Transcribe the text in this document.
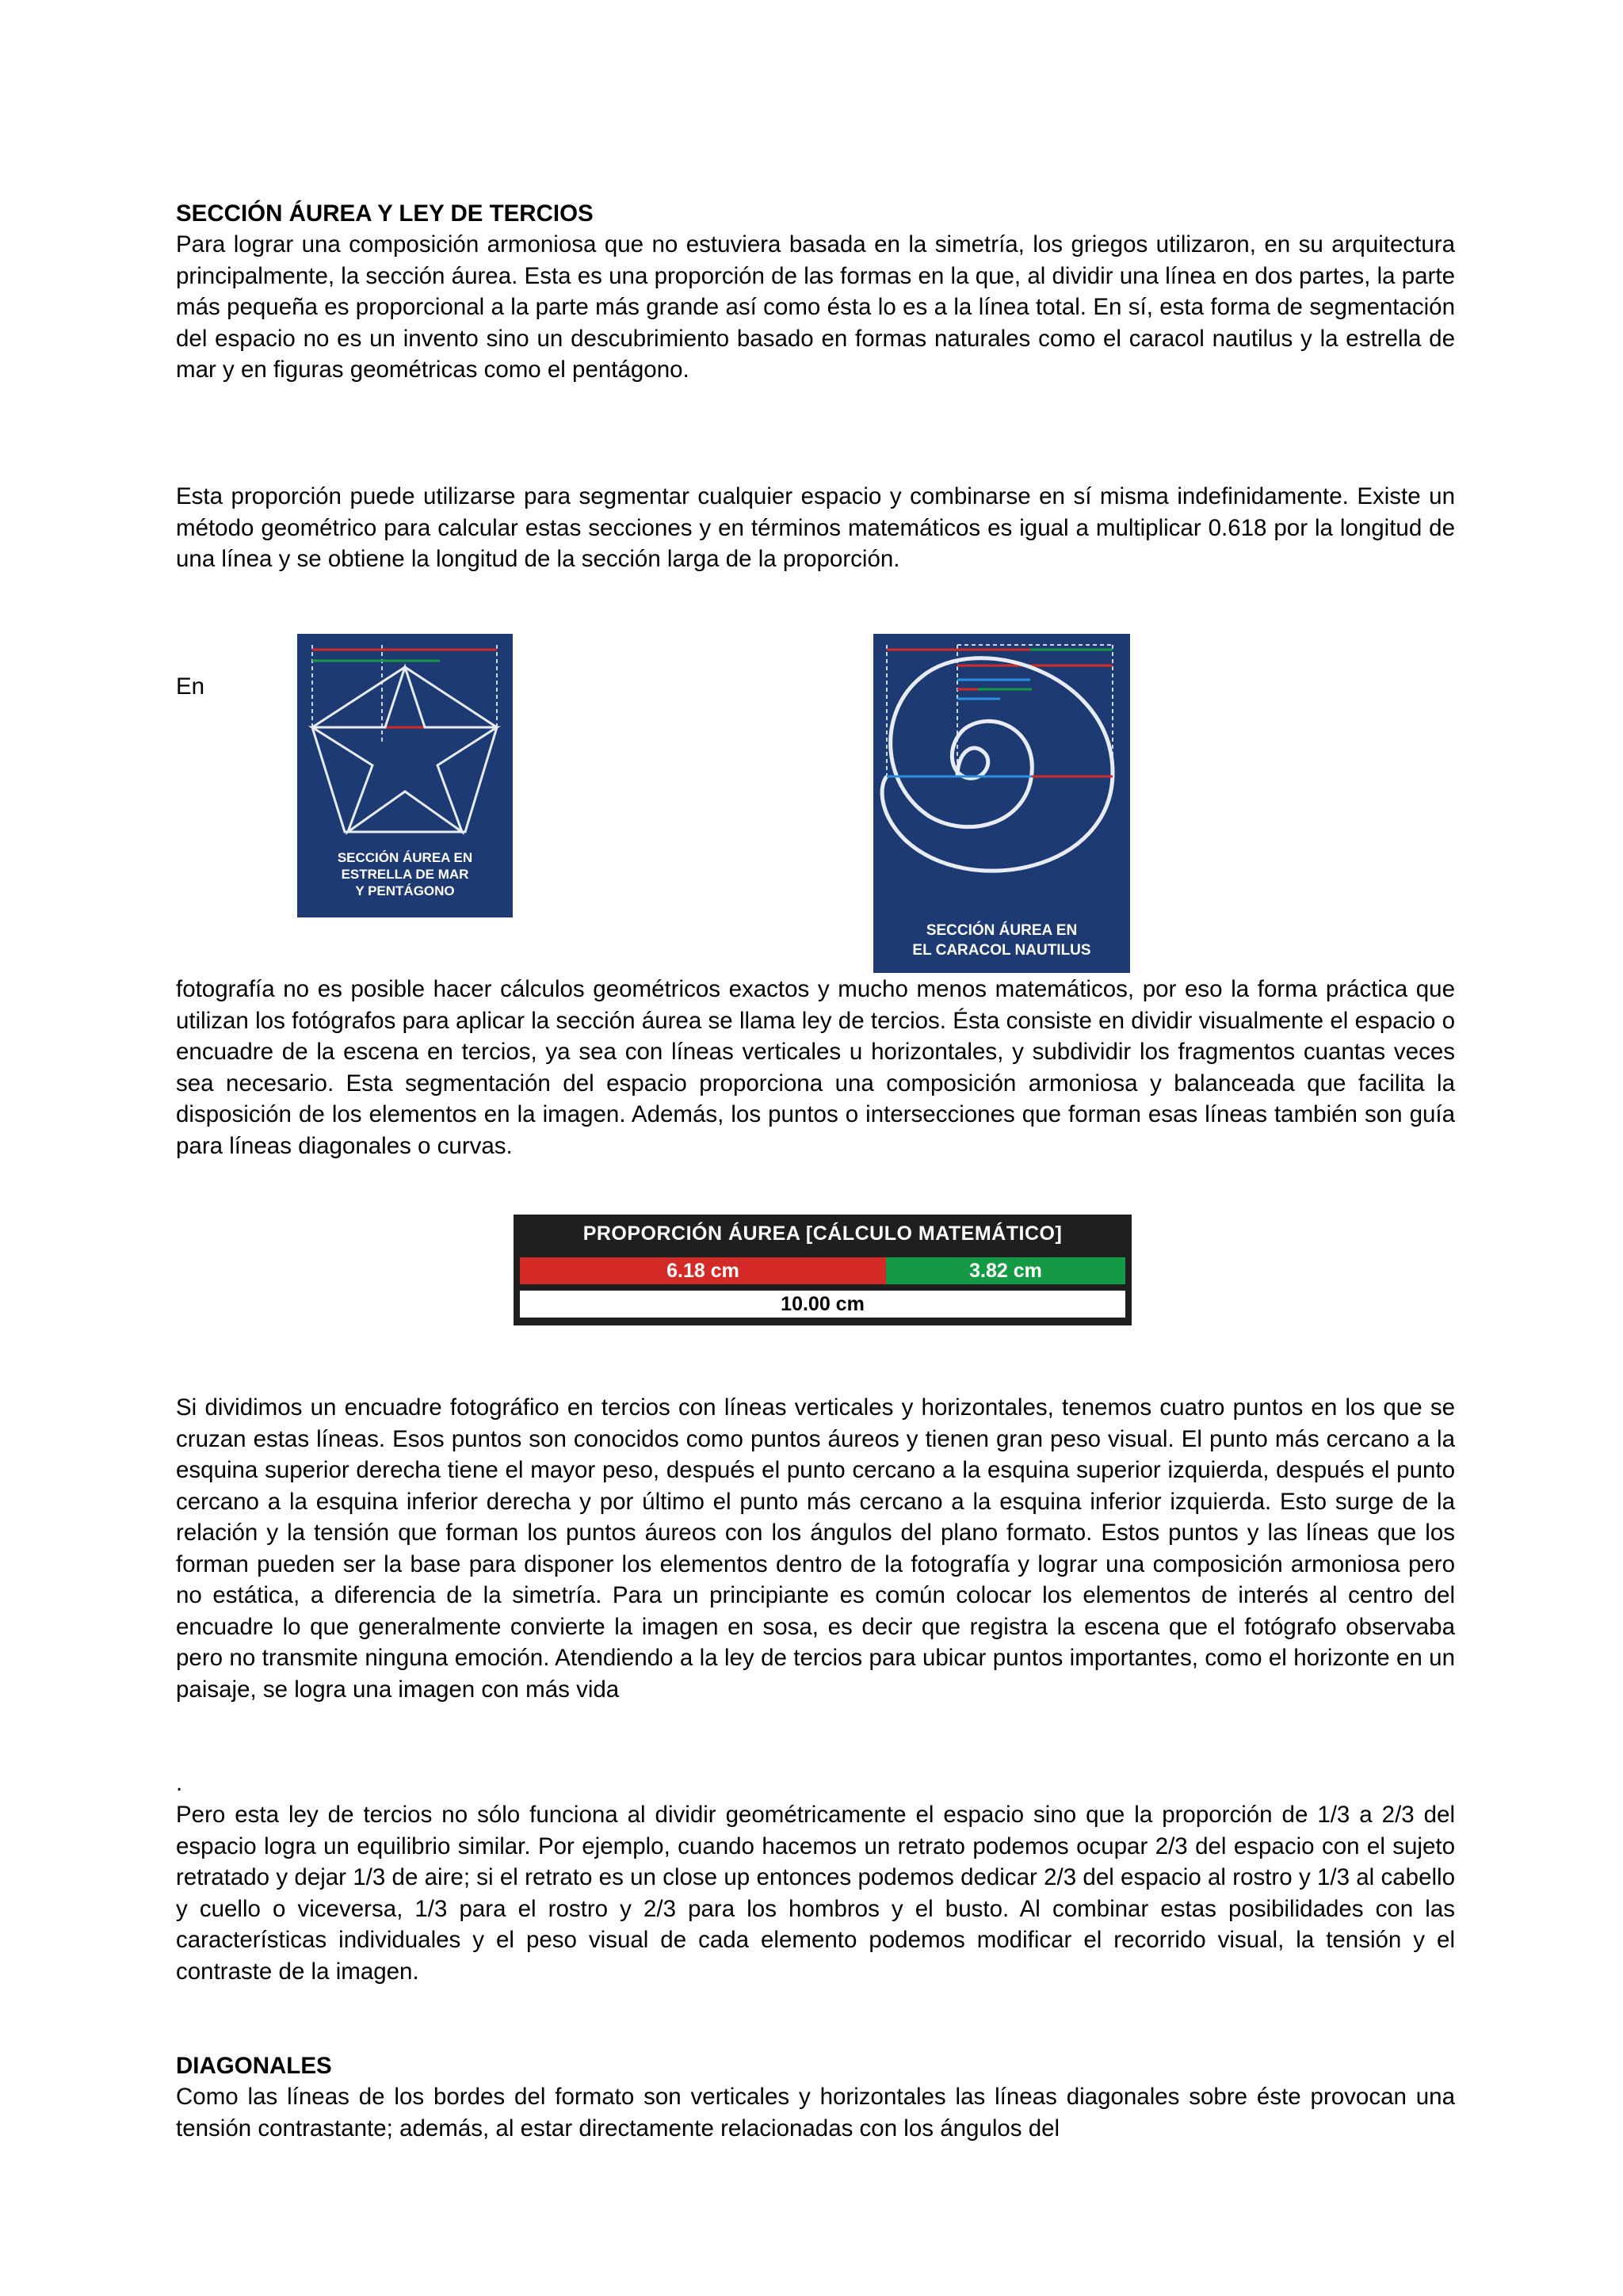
SECCIÓN ÁUREA Y LEY DE TERCIOS

Para lograr una composición armoniosa que no estuviera basada en la simetría, los griegos utilizaron, en su arquitectura principalmente, la sección áurea. Esta es una proporción de las formas en la que, al dividir una línea en dos partes, la parte más pequeña es proporcional a la parte más grande así como ésta lo es a la línea total. En sí, esta forma de segmentación del espacio no es un invento sino un descubrimiento basado en formas naturales como el caracol nautilus y la estrella de mar y en figuras geométricas como el pentágono.

Esta proporción puede utilizarse para segmentar cualquier espacio y combinarse en sí misma indefinidamente. Existe un método geométrico para calcular estas secciones y en términos matemáticos es igual a multiplicar 0.618 por la longitud de una línea y se obtiene la longitud de la sección larga de la proporción.

En

SECCIÓN ÁUREA EN
ESTRELLA DE MAR
Y PENTÁGONO
SECCIÓN ÁUREA EN
EL CARACOL NAUTILUS

fotografía no es posible hacer cálculos geométricos exactos y mucho menos matemáticos, por eso la forma práctica que utilizan los fotógrafos para aplicar la sección áurea se llama ley de tercios. Ésta consiste en dividir visualmente el espacio o encuadre de la escena en tercios, ya sea con líneas verticales u horizontales, y subdividir los fragmentos cuantas veces sea necesario. Esta segmentación del espacio proporciona una composición armoniosa y balanceada que facilita la disposición de los elementos en la imagen. Además, los puntos o intersecciones que forman esas líneas también son guía para líneas diagonales o curvas.

PROPORCIÓN ÁUREA [CÁLCULO MATEMÁTICO]
6.18 cm	3.82 cm
10.00 cm

Si dividimos un encuadre fotográfico en tercios con líneas verticales y horizontales, tenemos cuatro puntos en los que se cruzan estas líneas. Esos puntos son conocidos como puntos áureos y tienen gran peso visual. El punto más cercano a la esquina superior derecha tiene el mayor peso, después el punto cercano a la esquina superior izquierda, después el punto cercano a la esquina inferior derecha y por último el punto más cercano a la esquina inferior izquierda. Esto surge de la relación y la tensión que forman los puntos áureos con los ángulos del plano formato. Estos puntos y las líneas que los forman pueden ser la base para disponer los elementos dentro de la fotografía y lograr una composición armoniosa pero no estática, a diferencia de la simetría. Para un principiante es común colocar los elementos de interés al centro del encuadre lo que generalmente convierte la imagen en sosa, es decir que registra la escena que el fotógrafo observaba pero no transmite ninguna emoción. Atendiendo a la ley de tercios para ubicar puntos importantes, como el horizonte en un paisaje, se logra una imagen con más vida

.

Pero esta ley de tercios no sólo funciona al dividir geométricamente el espacio sino que la proporción de 1/3 a 2/3 del espacio logra un equilibrio similar. Por ejemplo, cuando hacemos un retrato podemos ocupar 2/3 del espacio con el sujeto retratado y dejar 1/3 de aire; si el retrato es un close up entonces podemos dedicar 2/3 del espacio al rostro y 1/3 al cabello y cuello o viceversa, 1/3 para el rostro y 2/3 para los hombros y el busto. Al combinar estas posibilidades con las características individuales y el peso visual de cada elemento podemos modificar el recorrido visual, la tensión y el contraste de la imagen.

DIAGONALES

Como las líneas de los bordes del formato son verticales y horizontales las líneas diagonales sobre éste provocan una tensión contrastante; además, al estar directamente relacionadas con los ángulos del
